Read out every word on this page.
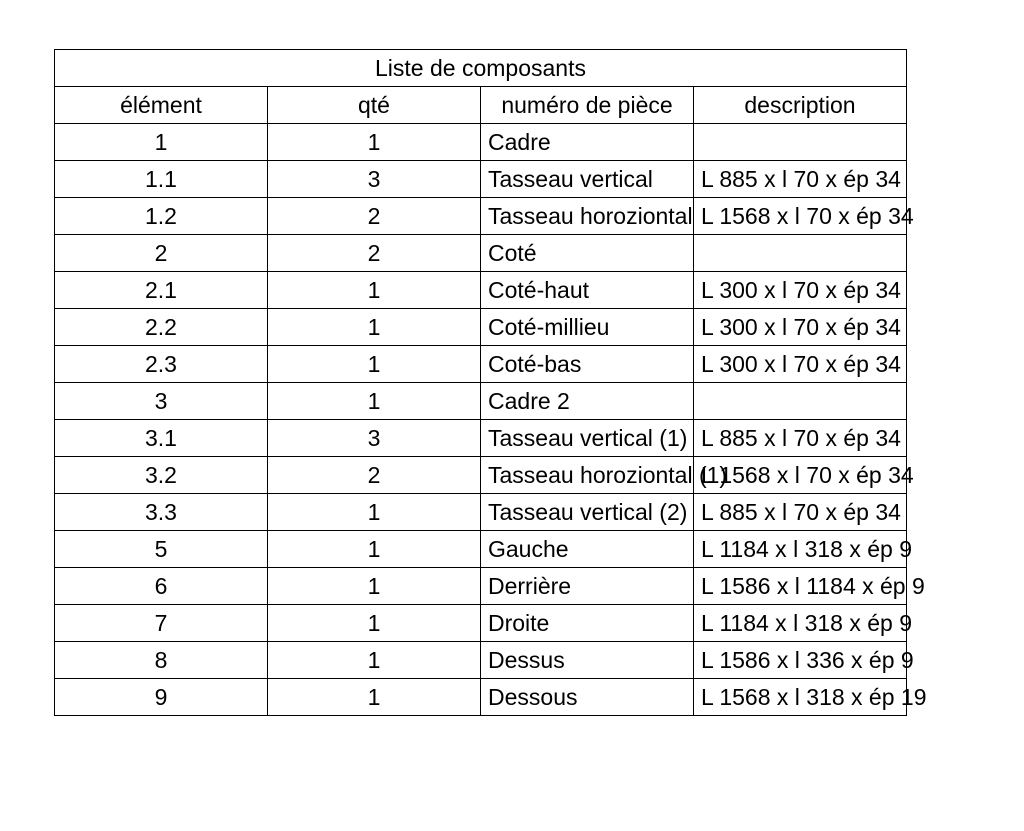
Liste de composants			
élément	qté	numéro de pièce	description
1	1	Cadre	
1.1	3	Tasseau vertical	L 885 x l 70 x ép 34
1.2	2	Tasseau horoziontal	L 1568 x l 70 x ép 34
2	2	Coté	
2.1	1	Coté-haut	L 300 x l 70 x ép 34
2.2	1	Coté-millieu	L 300 x l 70 x ép 34
2.3	1	Coté-bas	L 300 x l 70 x ép 34
3	1	Cadre 2	
3.1	3	Tasseau vertical (1)	L 885 x l 70 x ép 34
3.2	2	Tasseau horoziontal (1)	L 1568 x l 70 x ép 34
3.3	1	Tasseau vertical (2)	L 885 x l 70 x ép 34
5	1	Gauche	L 1184 x l 318 x ép 9
6	1	Derrière	L 1586 x l 1184 x ép 9
7	1	Droite	L 1184 x l 318 x ép 9
8	1	Dessus	L 1586 x l 336 x ép 9
9	1	Dessous	L 1568 x l 318 x ép 19
